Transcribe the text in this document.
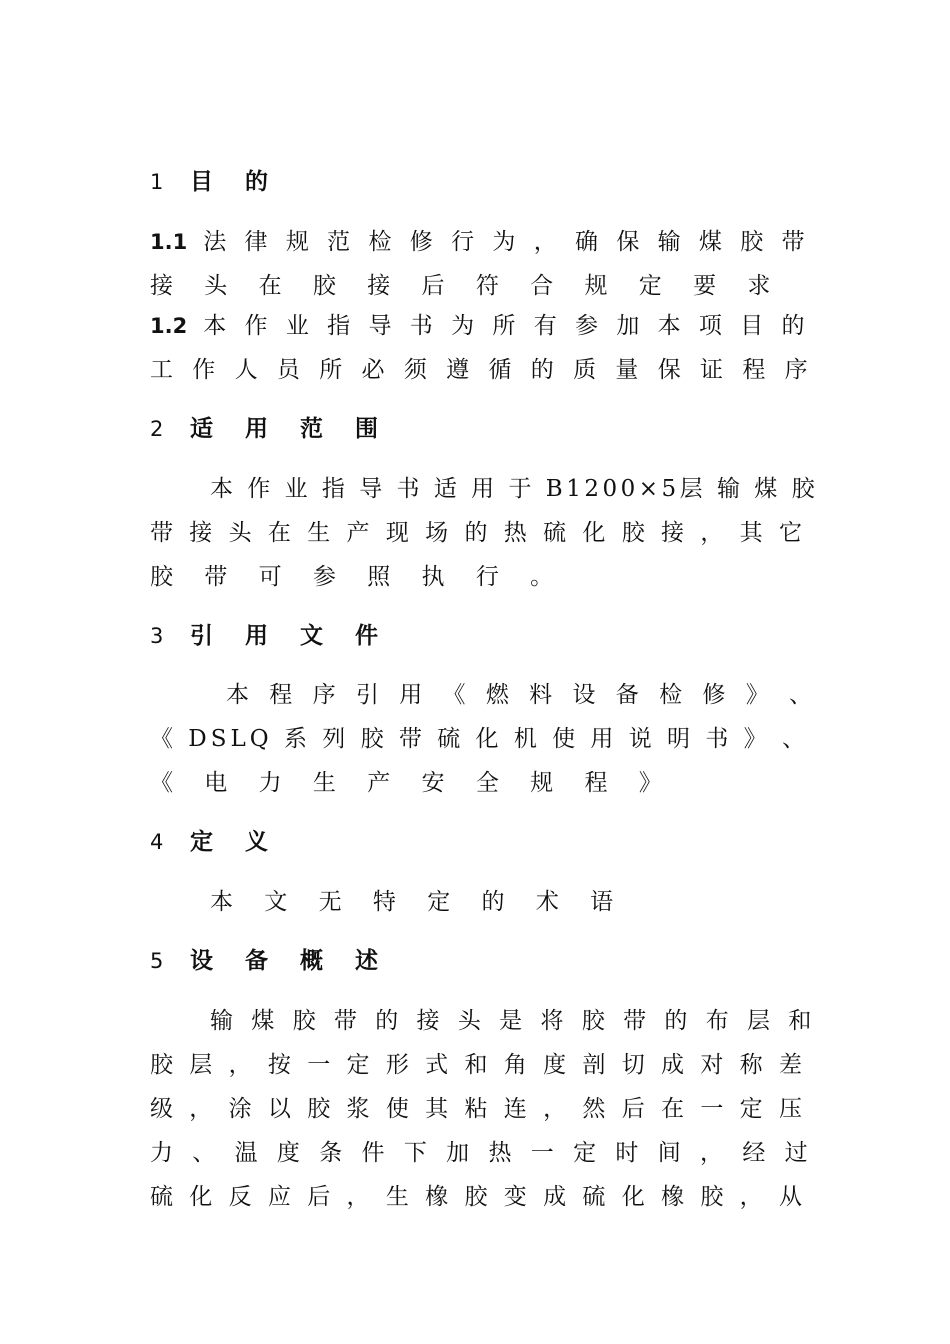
1 目 的
1.1 法 律 规 范 检 修 行 为 ， 确 保 输 煤 胶 带
接 头 在 胶 接 后 符 合 规 定 要 求
1.2 本 作 业 指 导 书 为 所 有 参 加 本 项 目 的
工 作 人 员 所 必 须 遵 循 的 质 量 保 证 程 序
2 适 用 范 围
本 作 业 指 导 书 适 用 于 B1200×5层 输 煤 胶
带 接 头 在 生 产 现 场 的 热 硫 化 胶 接 ， 其 它
胶 带 可 参 照 执 行 。
3 引 用 文 件
本 程 序 引 用 《 燃 料 设 备 检 修 》 、
《 DSLQ 系 列 胶 带 硫 化 机 使 用 说 明 书 》 、
《 电 力 生 产 安 全 规 程 》
4 定 义
本 文 无 特 定 的 术 语
5 设 备 概 述
输 煤 胶 带 的 接 头 是 将 胶 带 的 布 层 和
胶 层 ， 按 一 定 形 式 和 角 度 剖 切 成 对 称 差
级 ， 涂 以 胶 浆 使 其 粘 连 ， 然 后 在 一 定 压
力 、 温 度 条 件 下 加 热 一 定 时 间 ， 经 过
硫 化 反 应 后 ， 生 橡 胶 变 成 硫 化 橡 胶 ， 从
